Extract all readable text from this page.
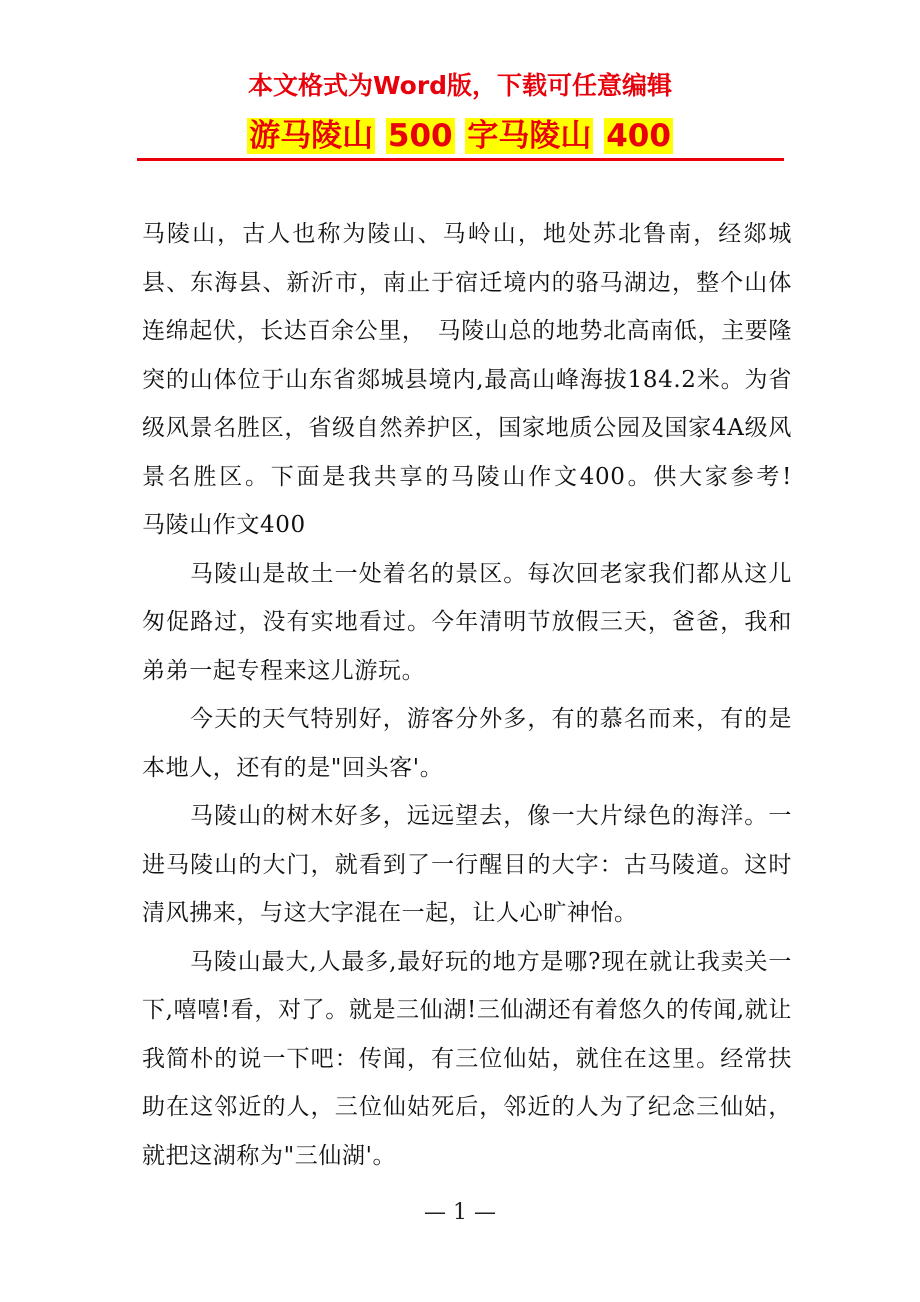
本文格式为Word版，下载可任意编辑
游马陵山 500 字马陵山 400

马陵山，古人也称为陵山、马岭山，地处苏北鲁南，经郯城县、东海县、新沂市，南止于宿迁境内的骆马湖边，整个山体连绵起伏，长达百余公里，　马陵山总的地势北高南低，主要隆突的山体位于山东省郯城县境内,最高山峰海拔184.2米。为省级风景名胜区，省级自然养护区，国家地质公园及国家4A级风景名胜区。下面是我共享的马陵山作文400。供大家参考!　　马陵山作文400

马陵山是故土一处着名的景区。每次回老家我们都从这儿匆促路过，没有实地看过。今年清明节放假三天，爸爸，我和弟弟一起专程来这儿游玩。

今天的天气特别好，游客分外多，有的慕名而来，有的是本地人，还有的是"回头客'。

马陵山的树木好多，远远望去，像一大片绿色的海洋。一进马陵山的大门，就看到了一行醒目的大字：古马陵道。这时清风拂来，与这大字混在一起，让人心旷神怡。

马陵山最大,人最多,最好玩的地方是哪?现在就让我卖关一下,嘻嘻!看，对了。就是三仙湖!三仙湖还有着悠久的传闻,就让我简朴的说一下吧：传闻，有三位仙姑，就住在这里。经常扶助在这邻近的人，三位仙姑死后，邻近的人为了纪念三仙姑，就把这湖称为"三仙湖'。

— 1 —
